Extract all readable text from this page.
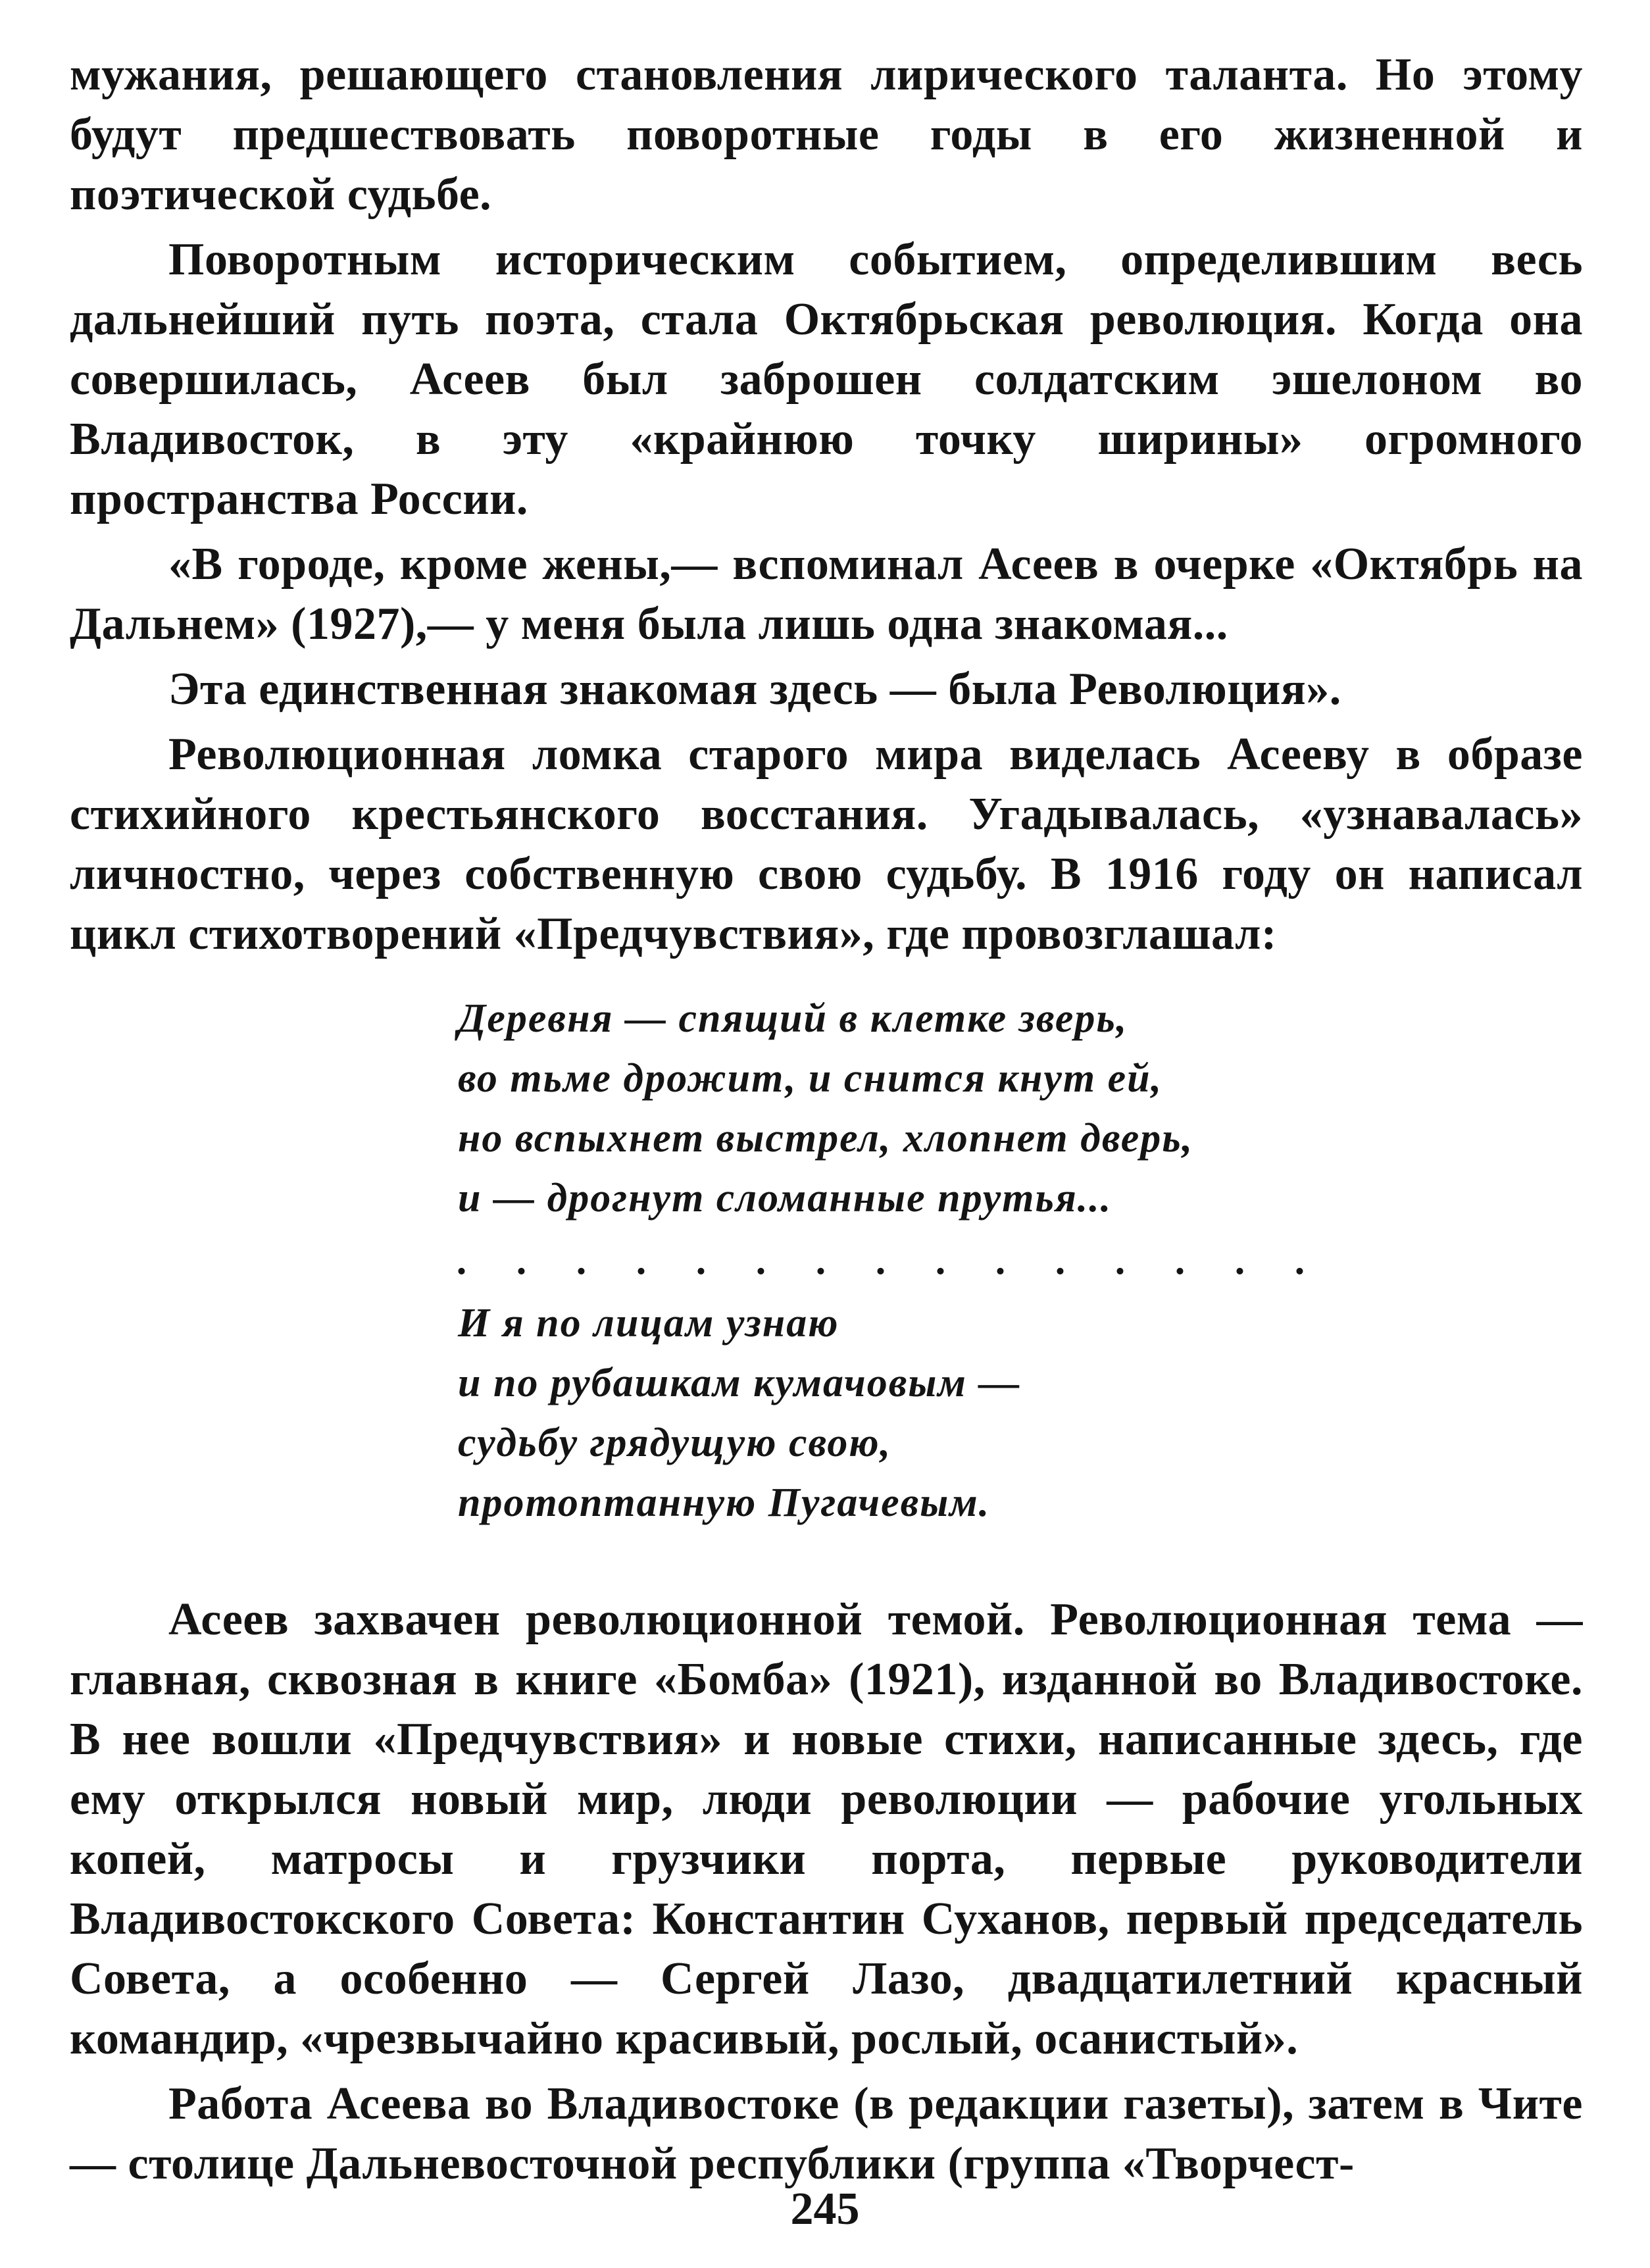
мужания, решающего становления лирического таланта. Но этому будут предшествовать поворотные годы в его жизненной и поэтической судьбе.

Поворотным историческим событием, определившим весь дальнейший путь поэта, стала Октябрьская революция. Когда она совершилась, Асеев был заброшен солдатским эшелоном во Владивосток, в эту «крайнюю точку ширины» огромного пространства России.

«В городе, кроме жены,— вспоминал Асеев в очерке «Октябрь на Дальнем» (1927),— у меня была лишь одна знакомая...

Эта единственная знакомая здесь — была Революция».

Революционная ломка старого мира виделась Асееву в образе стихийного крестьянского восстания. Угадывалась, «узнавалась» личностно, через собственную свою судьбу. В 1916 году он написал цикл стихотворений «Предчувствия», где провозглашал:

Деревня — спящий в клетке зверь,
во тьме дрожит, и снится кнут ей,
но вспыхнет выстрел, хлопнет дверь,
и — дрогнут сломанные прутья...
. . . . . . . . . . . . . . .
И я по лицам узнаю
и по рубашкам кумачовым —
судьбу грядущую свою,
протоптанную Пугачевым.

Асеев захвачен революционной темой. Революционная тема — главная, сквозная в книге «Бомба» (1921), изданной во Владивостоке. В нее вошли «Предчувствия» и новые стихи, написанные здесь, где ему открылся новый мир, люди революции — рабочие угольных копей, матросы и грузчики порта, первые руководители Владивостокского Совета: Константин Суханов, первый председатель Совета, а особенно — Сергей Лазо, двадцатилетний красный командир, «чрезвычайно красивый, рослый, осанистый».

Работа Асеева во Владивостоке (в редакции газеты), затем в Чите — столице Дальневосточной республики (группа «Творчест-

245
